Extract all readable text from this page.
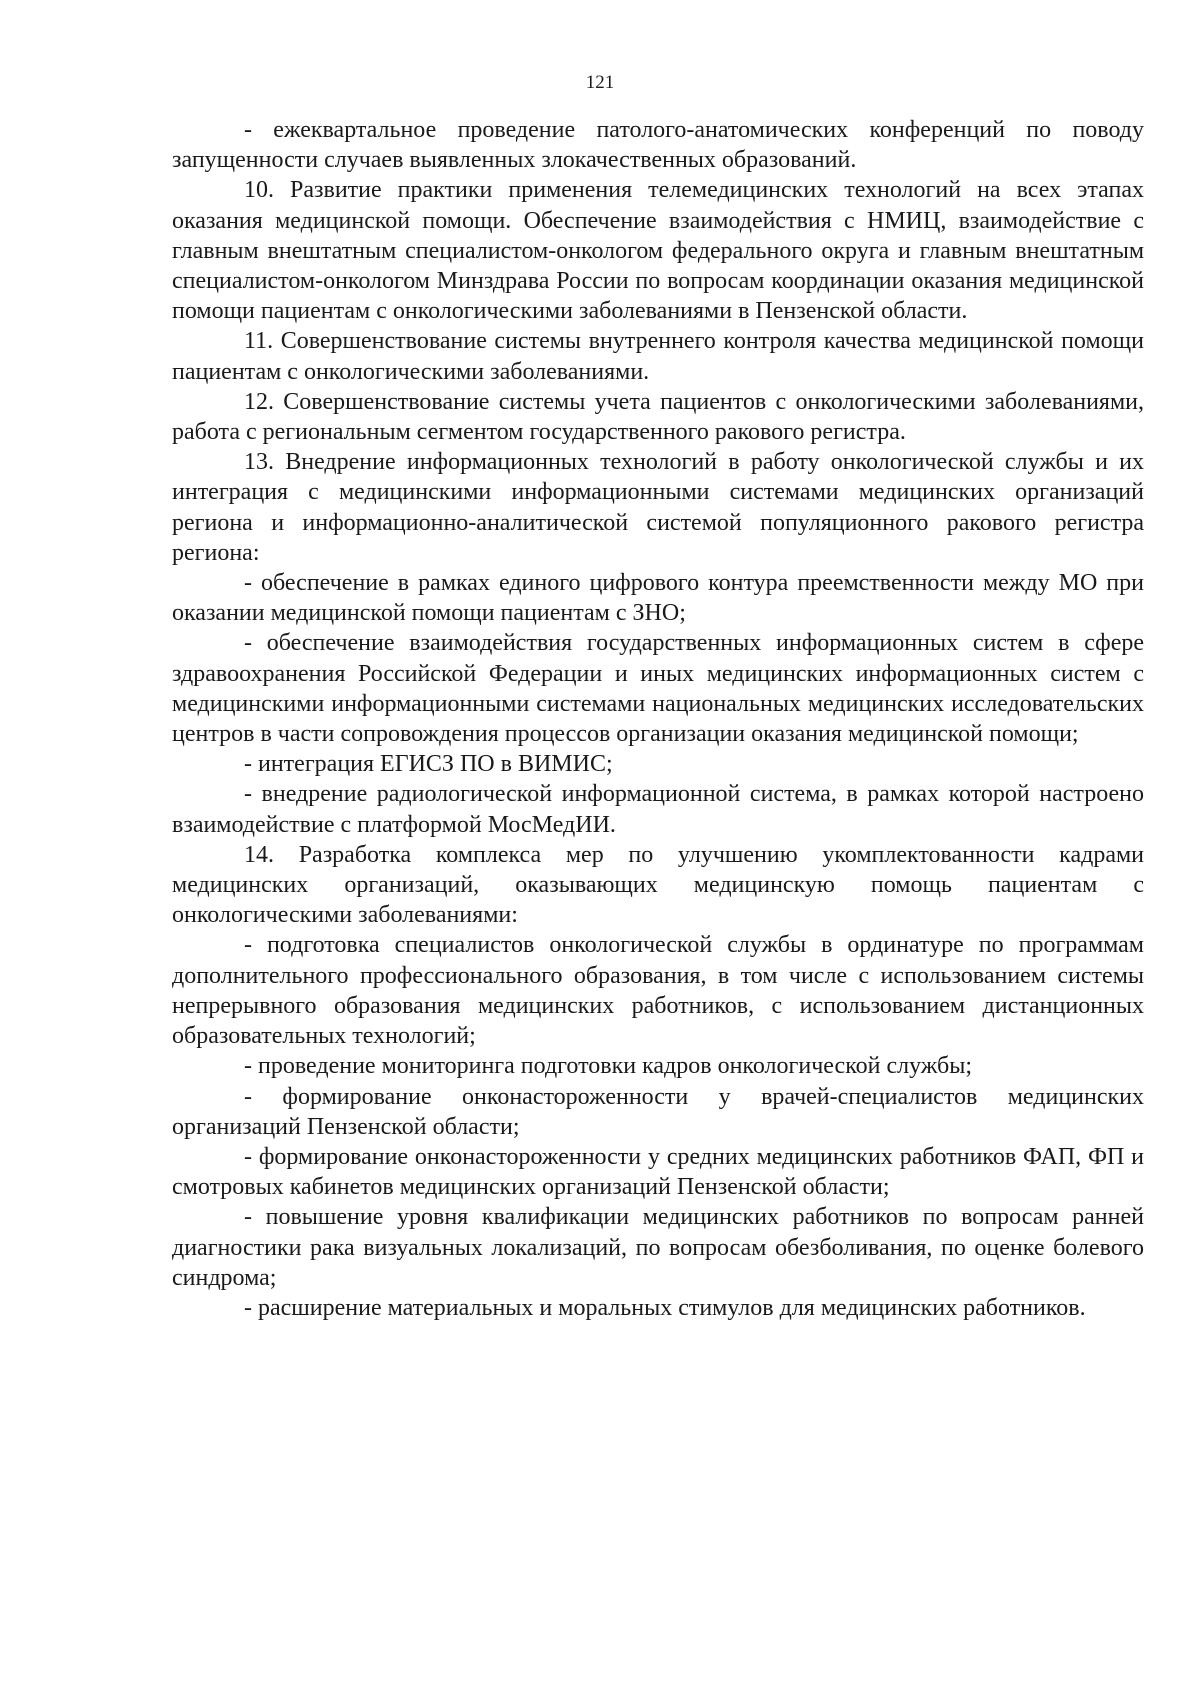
121

- ежеквартальное проведение патолого-анатомических конференций по поводу запущенности случаев выявленных злокачественных образований.

10. Развитие практики применения телемедицинских технологий на всех этапах оказания медицинской помощи. Обеспечение взаимодействия с НМИЦ, взаимодействие с главным внештатным специалистом-онкологом федерального округа и главным внештатным специалистом-онкологом Минздрава России по вопросам координации оказания медицинской помощи пациентам с онкологическими заболеваниями в Пензенской области.

11. Совершенствование системы внутреннего контроля качества медицинской помощи пациентам с онкологическими заболеваниями.

12. Совершенствование системы учета пациентов с онкологическими заболеваниями, работа с региональным сегментом государственного ракового регистра.

13. Внедрение информационных технологий в работу онкологической службы и их интеграция с медицинскими информационными системами медицинских организаций региона и информационно-аналитической системой популяционного ракового регистра региона:

- обеспечение в рамках единого цифрового контура преемственности между МО при оказании медицинской помощи пациентам с ЗНО;

- обеспечение взаимодействия государственных информационных систем в сфере здравоохранения Российской Федерации и иных медицинских информационных систем с медицинскими информационными системами национальных медицинских исследовательских центров в части сопровождения процессов организации оказания медицинской помощи;

- интеграция ЕГИСЗ ПО в ВИМИС;

- внедрение радиологической информационной система, в рамках которой настроено взаимодействие с платформой МосМедИИ.

14. Разработка комплекса мер по улучшению укомплектованности кадрами медицинских организаций, оказывающих медицинскую помощь пациентам с онкологическими заболеваниями:

- подготовка специалистов онкологической службы в ординатуре по программам дополнительного профессионального образования, в том числе с использованием системы непрерывного образования медицинских работников, с использованием дистанционных образовательных технологий;

- проведение мониторинга подготовки кадров онкологической службы;

- формирование онконастороженности у врачей-специалистов медицинских организаций Пензенской области;

- формирование онконастороженности у средних медицинских работников ФАП, ФП и смотровых кабинетов медицинских организаций Пензенской области;

- повышение уровня квалификации медицинских работников по вопросам ранней диагностики рака визуальных локализаций, по вопросам обезболивания, по оценке болевого синдрома;

- расширение материальных и моральных стимулов для медицинских работников.
